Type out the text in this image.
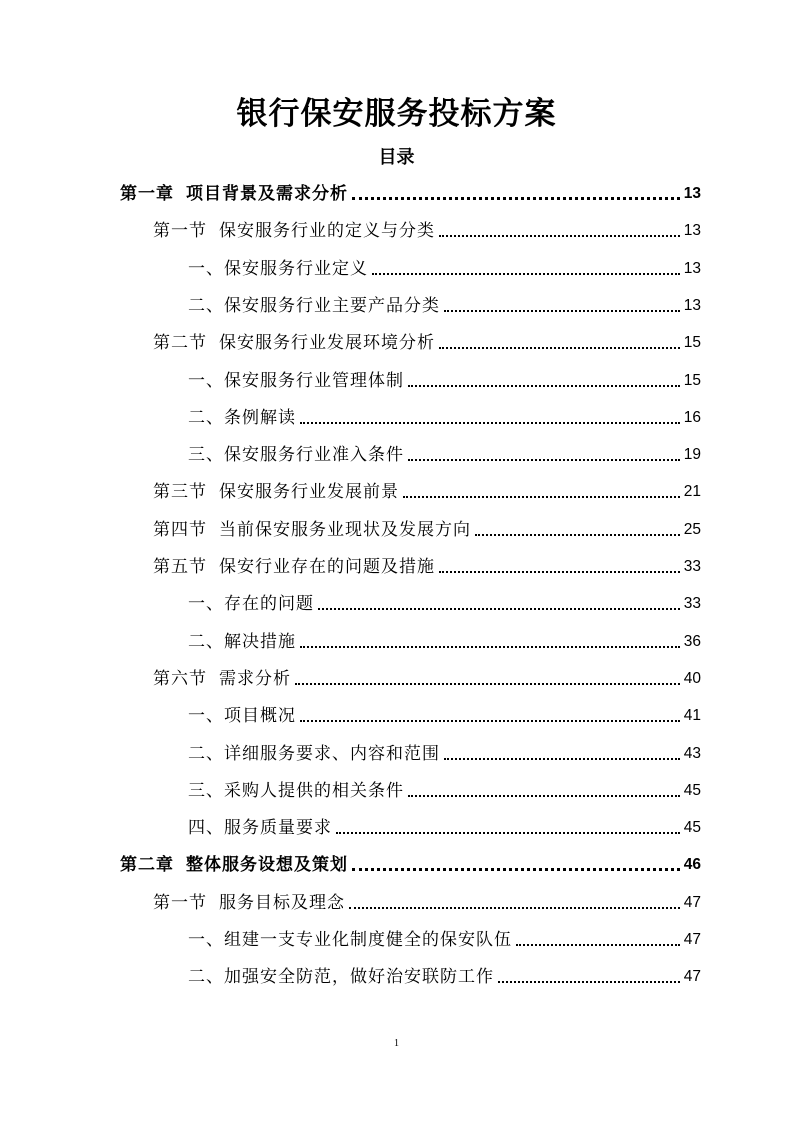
银行保安服务投标方案
目录
第一章 项目背景及需求分析	13
第一节 保安服务行业的定义与分类	13
一、保安服务行业定义	13
二、保安服务行业主要产品分类	13
第二节 保安服务行业发展环境分析	15
一、保安服务行业管理体制	15
二、条例解读	16
三、保安服务行业准入条件	19
第三节 保安服务行业发展前景	21
第四节 当前保安服务业现状及发展方向	25
第五节 保安行业存在的问题及措施	33
一、存在的问题	33
二、解决措施	36
第六节 需求分析	40
一、项目概况	41
二、详细服务要求、内容和范围	43
三、采购人提供的相关条件	45
四、服务质量要求	45
第二章 整体服务设想及策划	46
第一节 服务目标及理念	47
一、组建一支专业化制度健全的保安队伍	47
二、加强安全防范，做好治安联防工作	47
1
